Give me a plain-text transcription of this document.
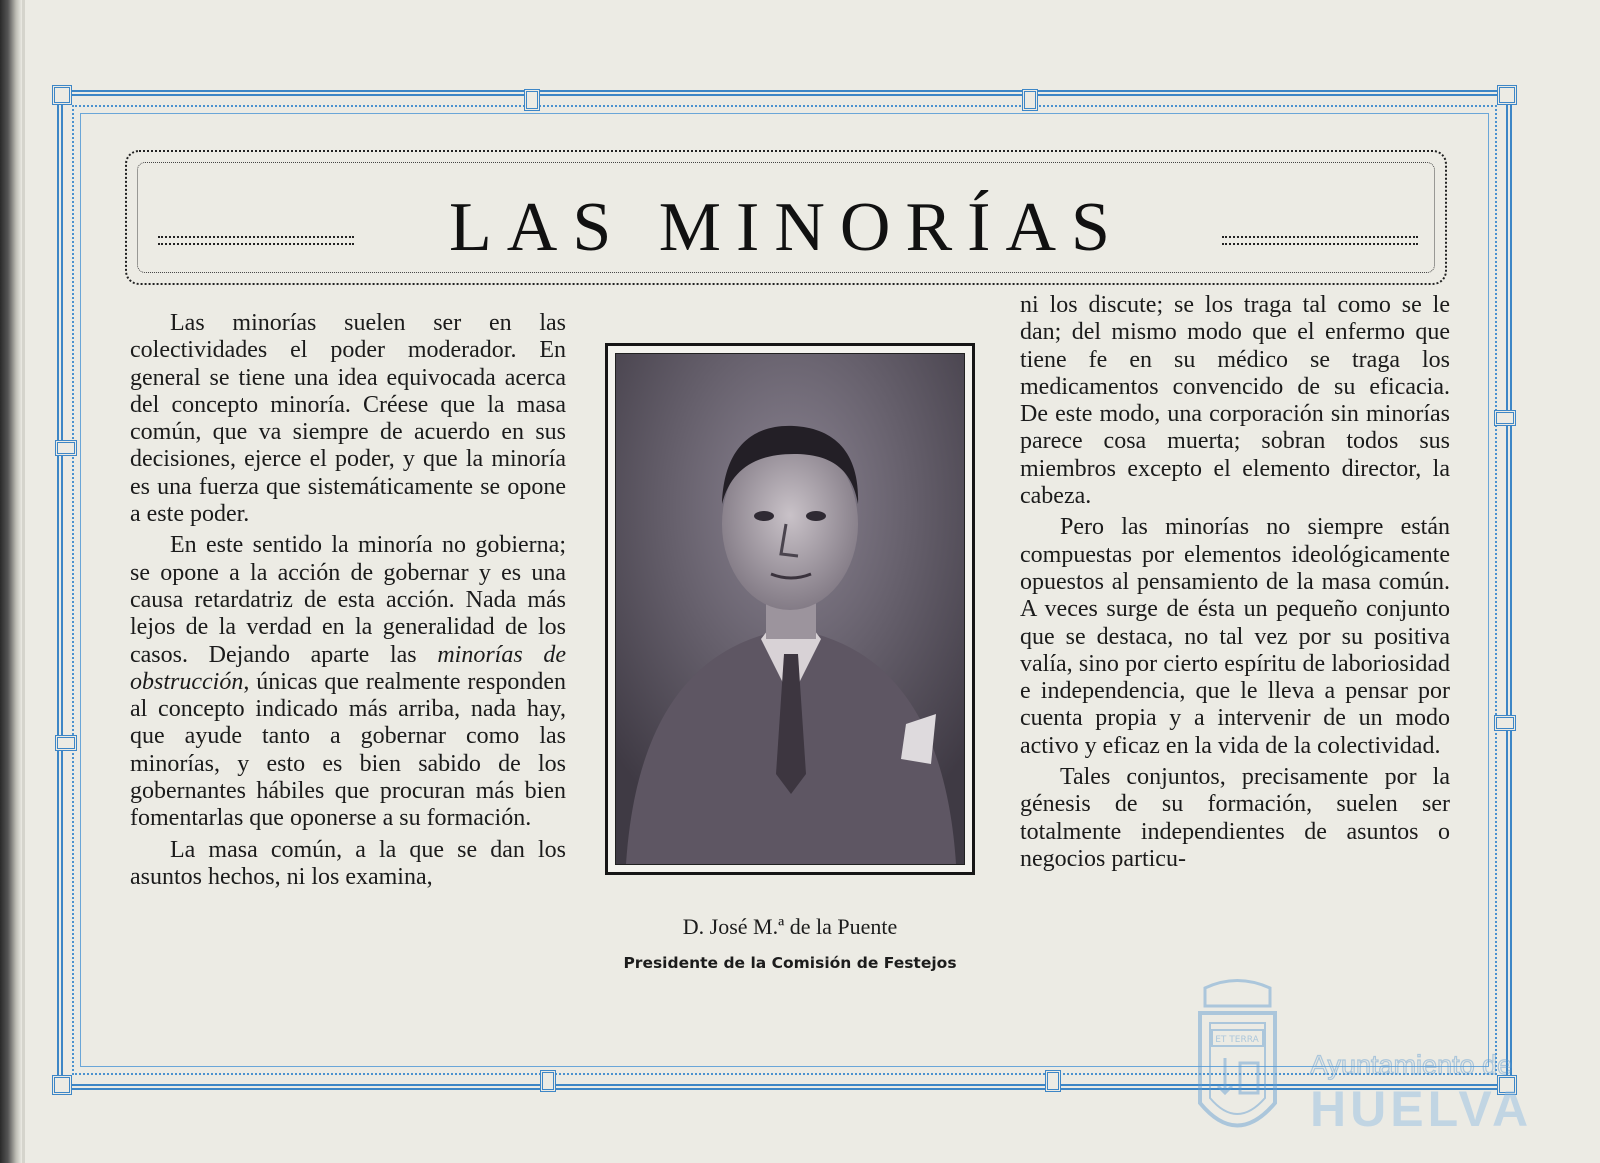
LAS MINORÍAS

Las minorías suelen ser en las colectividades el poder moderador. En general se tiene una idea equivocada acerca del concepto minoría. Créese que la masa común, que va siempre de acuerdo en sus decisiones, ejerce el poder, y que la minoría es una fuerza que sistemáticamente se opone a este poder.

En este sentido la minoría no gobierna; se opone a la acción de gobernar y es una causa retardatriz de esta acción. Nada más lejos de la verdad en la generalidad de los casos. Dejando aparte las minorías de obstrucción, únicas que realmente responden al concepto indicado más arriba, nada hay, que ayude tanto a gobernar como las minorías, y esto es bien sabido de los gobernantes hábiles que procuran más bien fomentarlas que oponerse a su formación.

La masa común, a la que se dan los asuntos hechos, ni los examina,

D. José M.ª de la Puente
Presidente de la Comisión de Festejos

ni los discute; se los traga tal como se le dan; del mismo modo que el enfermo que tiene fe en su médico se traga los medicamentos convencido de su eficacia. De este modo, una corporación sin minorías parece cosa muerta; sobran todos sus miembros excepto el elemento director, la cabeza.

Pero las minorías no siempre están compuestas por elementos ideológicamente opuestos al pensamiento de la masa común. A veces surge de ésta un pequeño conjunto que se destaca, no tal vez por su positiva valía, sino por cierto espíritu de laboriosidad e independencia, que le lleva a pensar por cuenta propia y a intervenir de un modo activo y eficaz en la vida de la colectividad.

Tales conjuntos, precisamente por la génesis de su formación, suelen ser totalmente independientes de asuntos o negocios particu-

ET TERRA
Ayuntamiento de
HUELVA
